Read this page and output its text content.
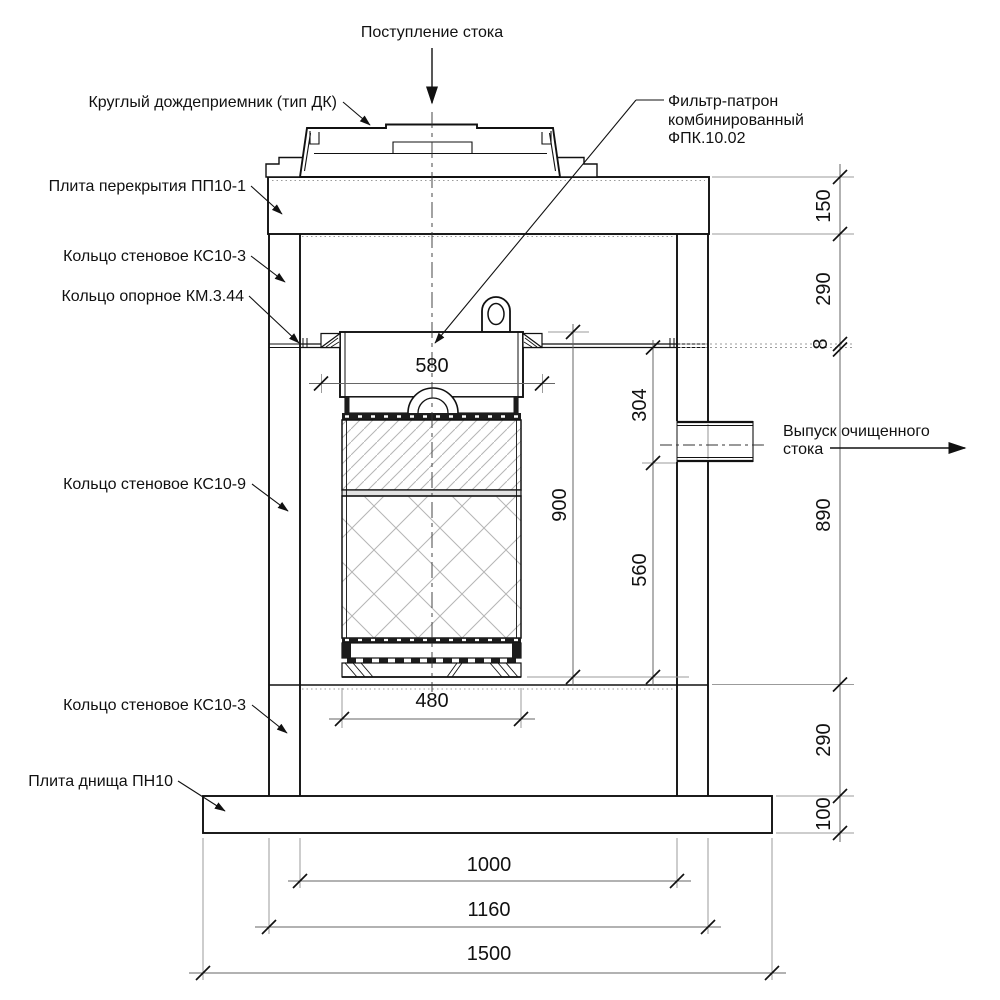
Поступление стока
Круглый дождеприемник (тип ДК)
Плита перекрытия ПП10-1
Кольцо стеновое КС10-3
Кольцо опорное КМ.3.44
Фильтр-патрон
комбинированный
ФПК.10.02
Кольцо стеновое КС10-9
Выпуск очищенного
стока
Кольцо стеновое КС10-3
Плита днища ПН10
150
290
8
890
290
100
900
304
560
580
480
1000
1160
1500
